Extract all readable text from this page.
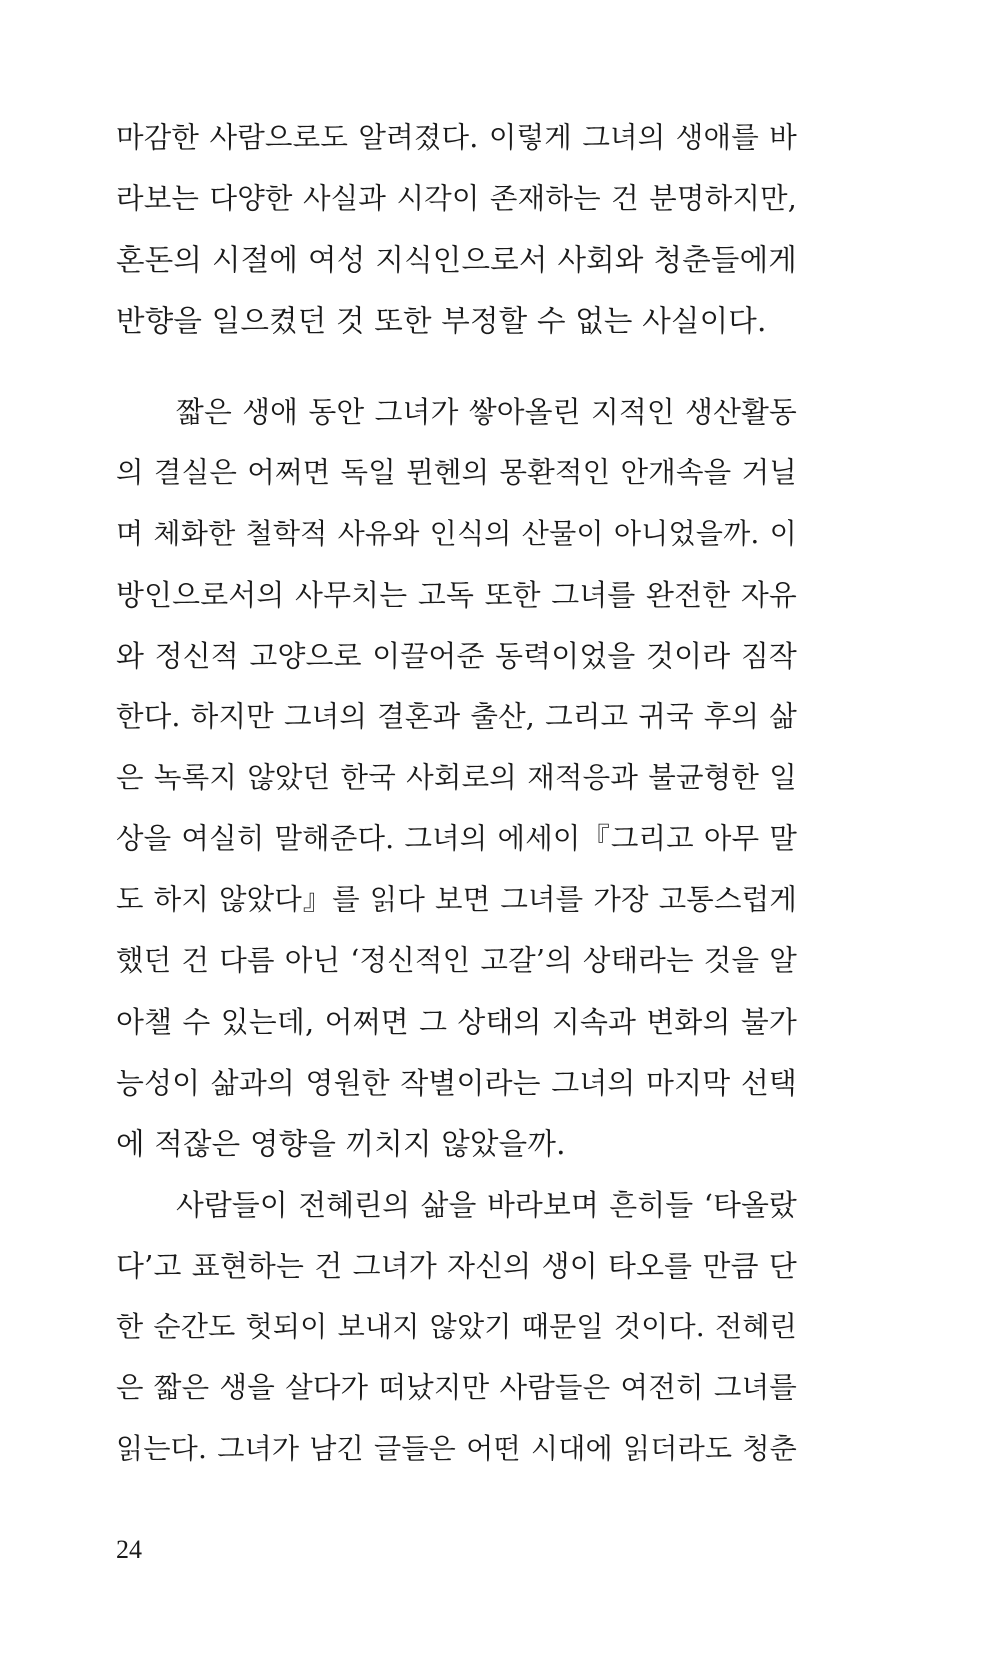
마감한 사람으로도 알려졌다. 이렇게 그녀의 생애를 바
라보는 다양한 사실과 시각이 존재하는 건 분명하지만,
혼돈의 시절에 여성 지식인으로서 사회와 청춘들에게
반향을 일으켰던 것 또한 부정할 수 없는 사실이다.
짧은 생애 동안 그녀가 쌓아올린 지적인 생산활동
의 결실은 어쩌면 독일 뮌헨의 몽환적인 안개속을 거닐
며 체화한 철학적 사유와 인식의 산물이 아니었을까. 이
방인으로서의 사무치는 고독 또한 그녀를 완전한 자유
와 정신적 고양으로 이끌어준 동력이었을 것이라 짐작
한다. 하지만 그녀의 결혼과 출산, 그리고 귀국 후의 삶
은 녹록지 않았던 한국 사회로의 재적응과 불균형한 일
상을 여실히 말해준다. 그녀의 에세이『그리고 아무 말
도 하지 않았다』를 읽다 보면 그녀를 가장 고통스럽게
했던 건 다름 아닌 ‘정신적인 고갈’의 상태라는 것을 알
아챌 수 있는데, 어쩌면 그 상태의 지속과 변화의 불가
능성이 삶과의 영원한 작별이라는 그녀의 마지막 선택
에 적잖은 영향을 끼치지 않았을까.
사람들이 전혜린의 삶을 바라보며 흔히들 ‘타올랐
다’고 표현하는 건 그녀가 자신의 생이 타오를 만큼 단
한 순간도 헛되이 보내지 않았기 때문일 것이다. 전혜린
은 짧은 생을 살다가 떠났지만 사람들은 여전히 그녀를
읽는다. 그녀가 남긴 글들은 어떤 시대에 읽더라도 청춘
24
